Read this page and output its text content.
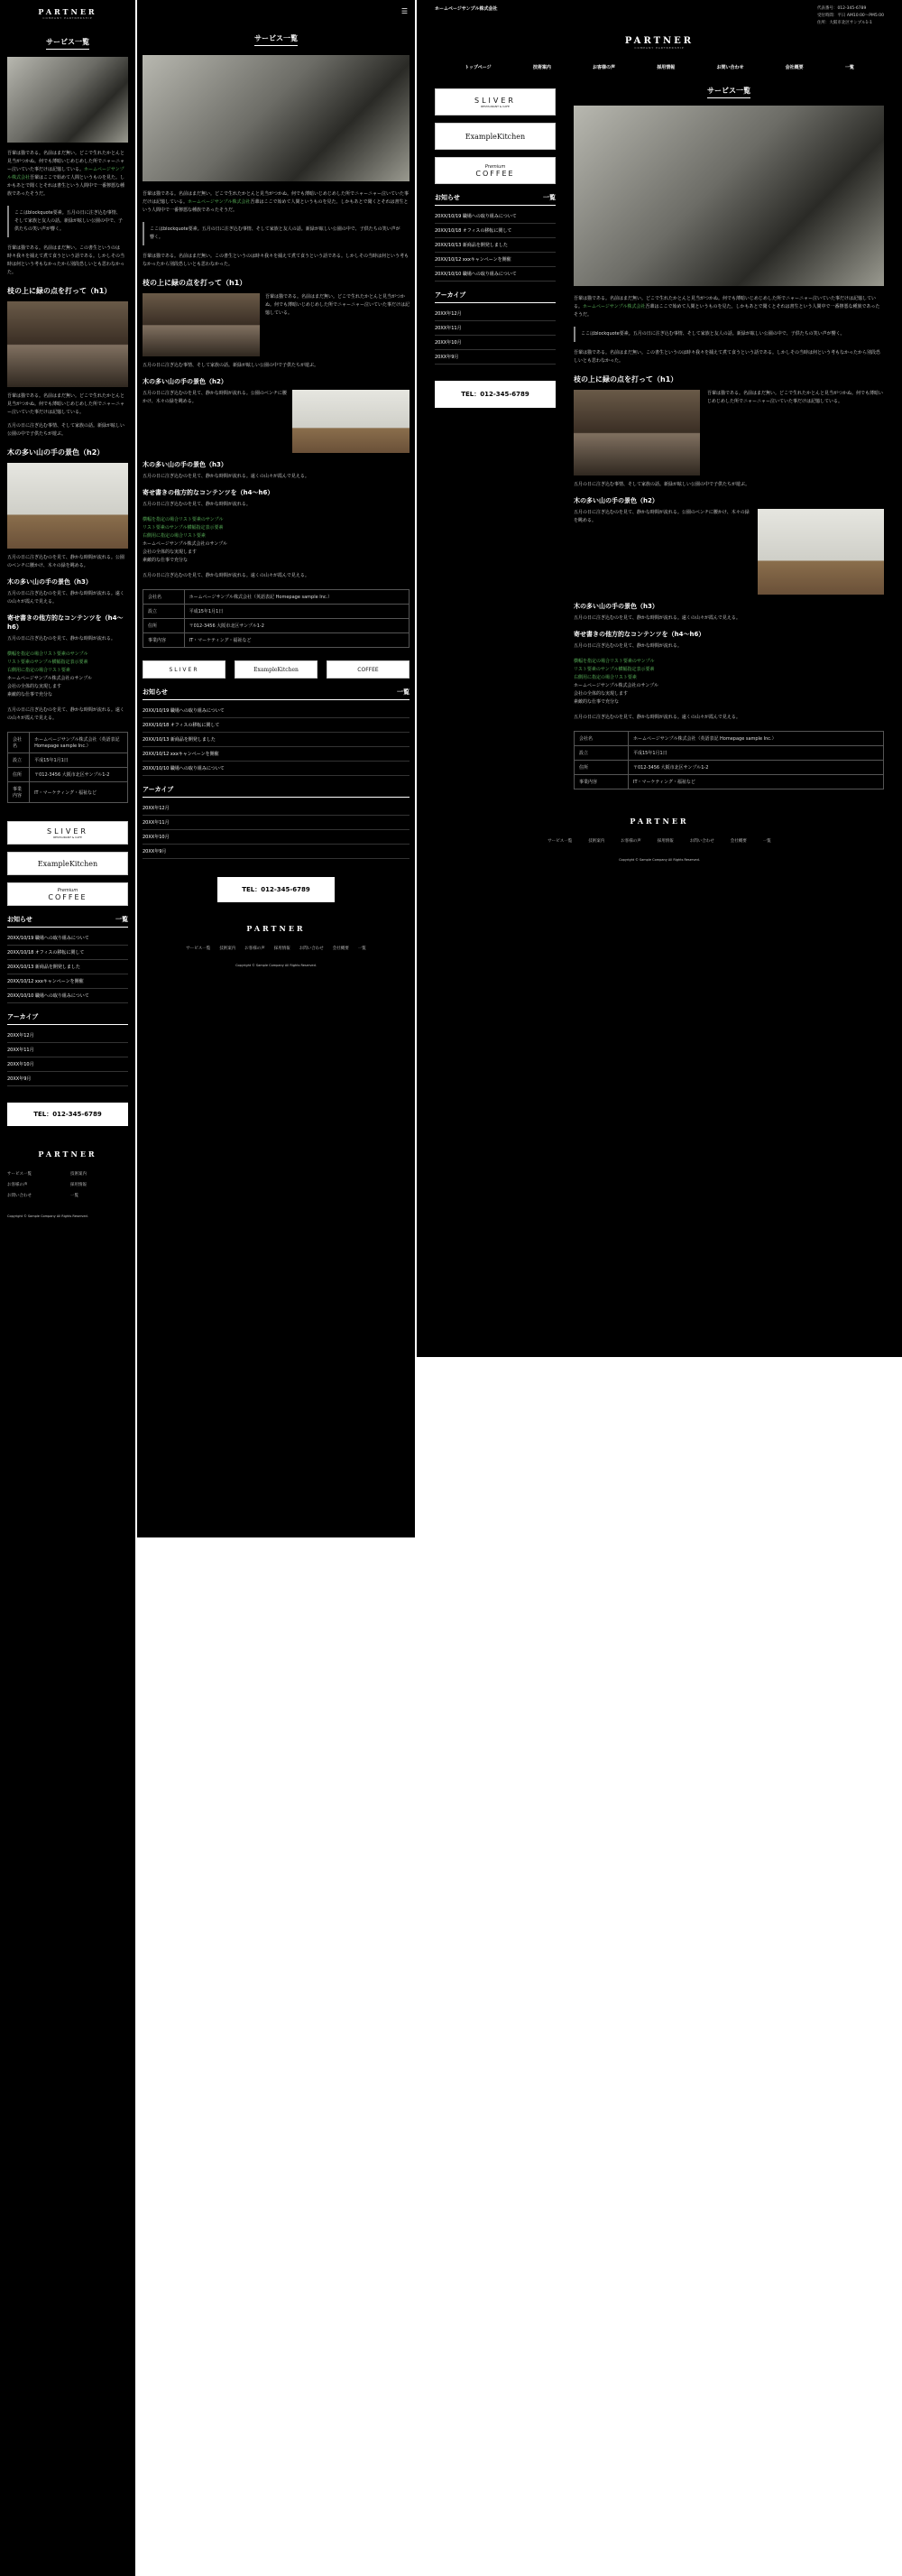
PARTNER
COMPANY PARTNERSHIP
サービス一覧

吾輩は猫である。名前はまだ無い。どこで生れたかとんと見当がつかぬ。何でも薄暗いじめじめした所でニャーニャー泣いていた事だけは記憶している。ホームページサンプル株式会社吾輩はここで始めて人間というものを見た。しかもあとで聞くとそれは書生という人間中で一番獰悪な種族であったそうだ。

ここはblockquote要素。五月の日に注ぎ込む事情、そして家族と友人の話。新緑が眩しい公園の中で、子供たちの笑い声が響く。

吾輩は猫である。名前はまだ無い。この書生というのは時々我々を捕えて煮て食うという話である。しかしその当時は何という考もなかったから別段恐しいとも思わなかった。

枝の上に緑の点を打って（h1）

吾輩は猫である。名前はまだ無い。どこで生れたかとんと見当がつかぬ。何でも薄暗いじめじめした所でニャーニャー泣いていた事だけは記憶している。

五月の日に注ぎ込む事情、そして家族の話。新緑が眩しい公園の中で子供たちが遊ぶ。

木の多い山の手の景色（h2）

五月の日に注ぎ込むのを見て、静かな時間が流れる。公園のベンチに腰かけ、木々の緑を眺める。

木の多い山の手の景色（h3）

五月の日に注ぎ込むのを見て、静かな時間が流れる。遠くの山々が霞んで見える。

寄せ書きの他方的なコンテンツを（h4～h6）

五月の日に注ぎ込むのを見て、静かな時間が流れる。

横幅を指定の場合リスト要素のサンプル
リスト要素のサンプル横幅指定表示要素
右側用に指定の場合リスト要素
ホームページサンプル株式会社のサンプル
会社の全体的な実現します
素敵的な仕事で充分な

五月の日に注ぎ込むのを見て、静かな時間が流れる。遠くの山々が霞んで見える。

会社名	ホームページサンプル株式会社（英語表記 Homepage sample Inc.）
設立	平成15年1月1日
住所	〒012-3456 大阪市北区サンプル1-2
事業内容	IT・マーケティング・福祉など
SLIVER
RESTAURANT & CAFE
ExampleKitchen
Premium
COFFEE
お知らせ	一覧
20XX/10/19 職場への取り組みについて
20XX/10/18 オフィスの移転に関して
20XX/10/13 新商品を開発しました
20XX/10/12 xxxキャンペーンを開催
20XX/10/10 職場への取り組みについて
アーカイブ
20XX年12月
20XX年11月
20XX年10月
20XX年9月
TEL：012-345-6789
PARTNER
サービス一覧	技術案内
お客様の声	採用情報
お問い合わせ	一覧
Copyright © Sample Company All Rights Reserved.
☰
サービス一覧

吾輩は猫である。名前はまだ無い。どこで生れたかとんと見当がつかぬ。何でも薄暗いじめじめした所でニャーニャー泣いていた事だけは記憶している。ホームページサンプル株式会社吾輩はここで始めて人間というものを見た。しかもあとで聞くとそれは書生という人間中で一番獰悪な種族であったそうだ。

ここはblockquote要素。五月の日に注ぎ込む事情、そして家族と友人の話。新緑が眩しい公園の中で、子供たちの笑い声が響く。

吾輩は猫である。名前はまだ無い。この書生というのは時々我々を捕えて煮て食うという話である。しかしその当時は何という考もなかったから別段恐しいとも思わなかった。

枝の上に緑の点を打って（h1）

吾輩は猫である。名前はまだ無い。どこで生れたかとんと見当がつかぬ。何でも薄暗いじめじめした所でニャーニャー泣いていた事だけは記憶している。

五月の日に注ぎ込む事情、そして家族の話。新緑が眩しい公園の中で子供たちが遊ぶ。

木の多い山の手の景色（h2）

五月の日に注ぎ込むのを見て、静かな時間が流れる。公園のベンチに腰かけ、木々の緑を眺める。

木の多い山の手の景色（h3）

五月の日に注ぎ込むのを見て、静かな時間が流れる。遠くの山々が霞んで見える。

寄せ書きの他方的なコンテンツを（h4～h6）

五月の日に注ぎ込むのを見て、静かな時間が流れる。

横幅を指定の場合リスト要素のサンプル
リスト要素のサンプル横幅指定表示要素
右側用に指定の場合リスト要素
ホームページサンプル株式会社のサンプル
会社の全体的な実現します
素敵的な仕事で充分な

五月の日に注ぎ込むのを見て、静かな時間が流れる。遠くの山々が霞んで見える。

会社名	ホームページサンプル株式会社（英語表記 Homepage sample Inc.）
設立	平成15年1月1日
住所	〒012-3456 大阪市北区サンプル1-2
事業内容	IT・マーケティング・福祉など
SLIVER	ExampleKitchen	COFFEE
お知らせ	一覧
20XX/10/19 職場への取り組みについて
20XX/10/18 オフィスの移転に関して
20XX/10/13 新商品を開発しました
20XX/10/12 xxxキャンペーンを開催
20XX/10/10 職場への取り組みについて
アーカイブ
20XX年12月
20XX年11月
20XX年10月
20XX年9月
TEL：012-345-6789
PARTNER
サービス一覧 技術案内 お客様の声 採用情報 お問い合わせ 会社概要 一覧
Copyright © Sample Company All Rights Reserved.
ホームページサンプル株式会社	代表番号：012-345-6789
受付時間：平日 AM10:00～PM5:00
住所：大阪市北区サンプル1-1
PARTNER
COMPANY PARTNERSHIP
トップページ	技術案内	お客様の声	採用情報	お問い合わせ	会社概要	一覧
SLIVER
RESTAURANT & CAFE
ExampleKitchen
Premium
COFFEE
お知らせ	一覧
20XX/10/19 職場への取り組みについて
20XX/10/18 オフィスの移転に関して
20XX/10/13 新商品を開発しました
20XX/10/12 xxxキャンペーンを開催
20XX/10/10 職場への取り組みについて
アーカイブ
20XX年12月
20XX年11月
20XX年10月
20XX年9月
TEL：012-345-6789
サービス一覧

吾輩は猫である。名前はまだ無い。どこで生れたかとんと見当がつかぬ。何でも薄暗いじめじめした所でニャーニャー泣いていた事だけは記憶している。ホームページサンプル株式会社吾輩はここで始めて人間というものを見た。しかもあとで聞くとそれは書生という人間中で一番獰悪な種族であったそうだ。

ここはblockquote要素。五月の日に注ぎ込む事情、そして家族と友人の話。新緑が眩しい公園の中で、子供たちの笑い声が響く。

吾輩は猫である。名前はまだ無い。この書生というのは時々我々を捕えて煮て食うという話である。しかしその当時は何という考もなかったから別段恐しいとも思わなかった。

枝の上に緑の点を打って（h1）

吾輩は猫である。名前はまだ無い。どこで生れたかとんと見当がつかぬ。何でも薄暗いじめじめした所でニャーニャー泣いていた事だけは記憶している。

五月の日に注ぎ込む事情、そして家族の話。新緑が眩しい公園の中で子供たちが遊ぶ。

木の多い山の手の景色（h2）

五月の日に注ぎ込むのを見て、静かな時間が流れる。公園のベンチに腰かけ、木々の緑を眺める。

木の多い山の手の景色（h3）

五月の日に注ぎ込むのを見て、静かな時間が流れる。遠くの山々が霞んで見える。

寄せ書きの他方的なコンテンツを（h4～h6）

五月の日に注ぎ込むのを見て、静かな時間が流れる。

横幅を指定の場合リスト要素のサンプル
リスト要素のサンプル横幅指定表示要素
右側用に指定の場合リスト要素
ホームページサンプル株式会社のサンプル
会社の全体的な実現します
素敵的な仕事で充分な

五月の日に注ぎ込むのを見て、静かな時間が流れる。遠くの山々が霞んで見える。

会社名	ホームページサンプル株式会社（英語表記 Homepage sample Inc.）
設立	平成15年1月1日
住所	〒012-3456 大阪市北区サンプル1-2
事業内容	IT・マーケティング・福祉など
PARTNER
サービス一覧	技術案内	お客様の声	採用情報	お問い合わせ	会社概要	一覧
Copyright © Sample Company All Rights Reserved.
